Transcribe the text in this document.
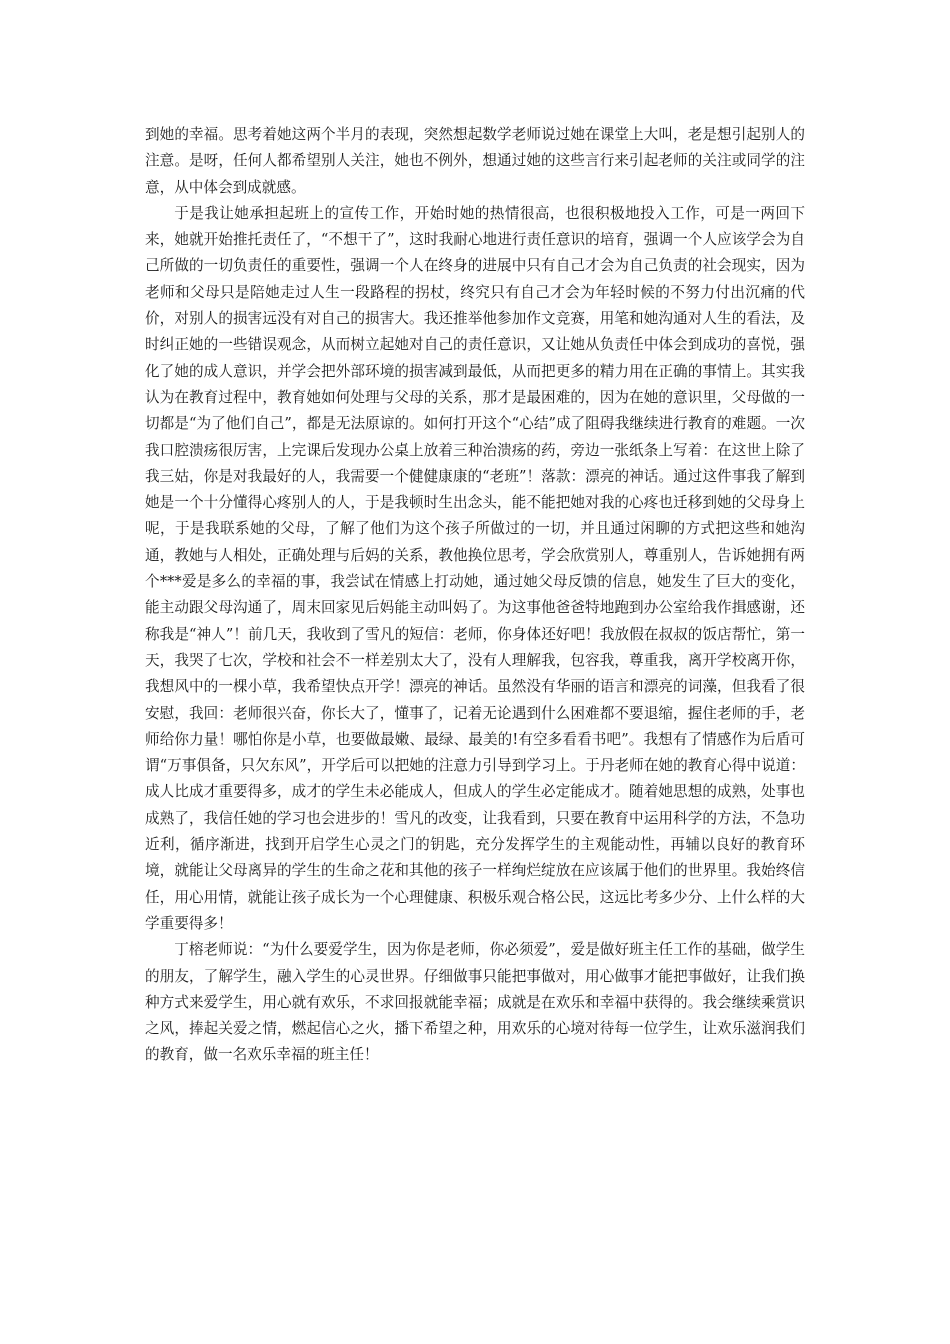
到她的幸福。思考着她这两个半月的表现，突然想起数学老师说过她在课堂上大叫，老是想引起别人的注意。是呀，任何人都希望别人关注，她也不例外，想通过她的这些言行来引起老师的关注或同学的注意，从中体会到成就感。

于是我让她承担起班上的宣传工作，开始时她的热情很高，也很积极地投入工作，可是一两回下来，她就开始推托责任了，“不想干了”，这时我耐心地进行责任意识的培育，强调一个人应该学会为自己所做的一切负责任的重要性，强调一个人在终身的进展中只有自己才会为自己负责的社会现实，因为老师和父母只是陪她走过人生一段路程的拐杖，终究只有自己才会为年轻时候的不努力付出沉痛的代价，对别人的损害远没有对自己的损害大。我还推举他参加作文竞赛，用笔和她沟通对人生的看法，及时纠正她的一些错误观念，从而树立起她对自己的责任意识，又让她从负责任中体会到成功的喜悦，强化了她的成人意识，并学会把外部环境的损害减到最低，从而把更多的精力用在正确的事情上。其实我认为在教育过程中，教育她如何处理与父母的关系，那才是最困难的，因为在她的意识里，父母做的一切都是“为了他们自己”，都是无法原谅的。如何打开这个“心结”成了阻碍我继续进行教育的难题。一次我口腔溃疡很厉害，上完课后发现办公桌上放着三种治溃疡的药，旁边一张纸条上写着：在这世上除了我三姑，你是对我最好的人，我需要一个健健康康的“老班”！落款：漂亮的神话。通过这件事我了解到她是一个十分懂得心疼别人的人，于是我顿时生出念头，能不能把她对我的心疼也迁移到她的父母身上呢，于是我联系她的父母，了解了他们为这个孩子所做过的一切，并且通过闲聊的方式把这些和她沟通，教她与人相处，正确处理与后妈的关系，教他换位思考，学会欣赏别人，尊重别人，告诉她拥有两个***爱是多么的幸福的事，我尝试在情感上打动她，通过她父母反馈的信息，她发生了巨大的变化，能主动跟父母沟通了，周末回家见后妈能主动叫妈了。为这事他爸爸特地跑到办公室给我作揖感谢，还称我是“神人”！前几天，我收到了雪凡的短信：老师，你身体还好吧！我放假在叔叔的饭店帮忙，第一天，我哭了七次，学校和社会不一样差别太大了，没有人理解我，包容我，尊重我，离开学校离开你，我想风中的一棵小草，我希望快点开学！漂亮的神话。虽然没有华丽的语言和漂亮的词藻，但我看了很安慰，我回：老师很兴奋，你长大了，懂事了，记着无论遇到什么困难都不要退缩，握住老师的手，老师给你力量！哪怕你是小草，也要做最嫩、最绿、最美的!有空多看看书吧”。我想有了情感作为后盾可谓“万事俱备，只欠东风”，开学后可以把她的注意力引导到学习上。于丹老师在她的教育心得中说道：成人比成才重要得多，成才的学生未必能成人，但成人的学生必定能成才。随着她思想的成熟，处事也成熟了，我信任她的学习也会进步的！雪凡的改变，让我看到，只要在教育中运用科学的方法，不急功近利，循序渐进，找到开启学生心灵之门的钥匙，充分发挥学生的主观能动性，再辅以良好的教育环境，就能让父母离异的学生的生命之花和其他的孩子一样绚烂绽放在应该属于他们的世界里。我始终信任，用心用情，就能让孩子成长为一个心理健康、积极乐观合格公民，这远比考多少分、上什么样的大学重要得多！

丁榕老师说：“为什么要爱学生，因为你是老师，你必须爱”，爱是做好班主任工作的基础，做学生的朋友，了解学生，融入学生的心灵世界。仔细做事只能把事做对，用心做事才能把事做好，让我们换种方式来爱学生，用心就有欢乐，不求回报就能幸福；成就是在欢乐和幸福中获得的。我会继续乘赏识之风，捧起关爱之情，燃起信心之火，播下希望之种，用欢乐的心境对待每一位学生，让欢乐滋润我们的教育，做一名欢乐幸福的班主任！
